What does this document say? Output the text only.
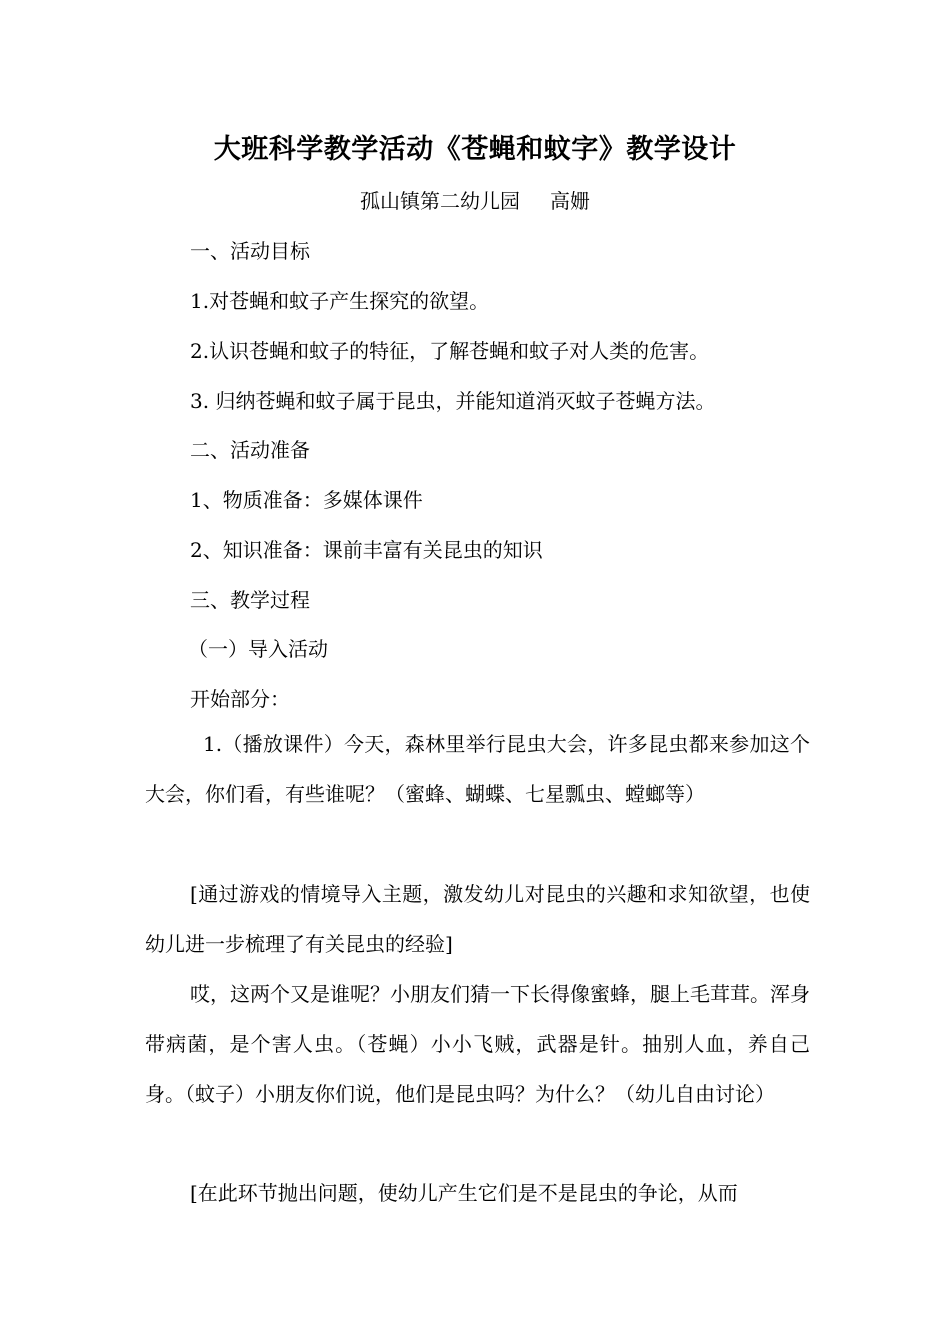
大班科学教学活动《苍蝇和蚊字》教学设计
孤山镇第二幼儿园 高姗
一、活动目标
1.对苍蝇和蚊子产生探究的欲望。
2.认识苍蝇和蚊子的特征，了解苍蝇和蚊子对人类的危害。
3. 归纳苍蝇和蚊子属于昆虫，并能知道消灭蚊子苍蝇方法。
二、活动准备
1、物质准备：多媒体课件
2、知识准备：课前丰富有关昆虫的知识
三、教学过程
（一）导入活动
开始部分：
1.（播放课件）今天，森林里举行昆虫大会，许多昆虫都来参加这个大会，你们看，有些谁呢？（蜜蜂、蝴蝶、七星瓢虫、螳螂等）
[通过游戏的情境导入主题，激发幼儿对昆虫的兴趣和求知欲望，也使幼儿进一步梳理了有关昆虫的经验]
哎，这两个又是谁呢？小朋友们猜一下长得像蜜蜂，腿上毛茸茸。浑身带病菌，是个害人虫。（苍蝇）小小飞贼，武器是针。抽别人血，养自己身。（蚊子）小朋友你们说，他们是昆虫吗？为什么？（幼儿自由讨论）
[在此环节抛出问题，使幼儿产生它们是不是昆虫的争论，从而
